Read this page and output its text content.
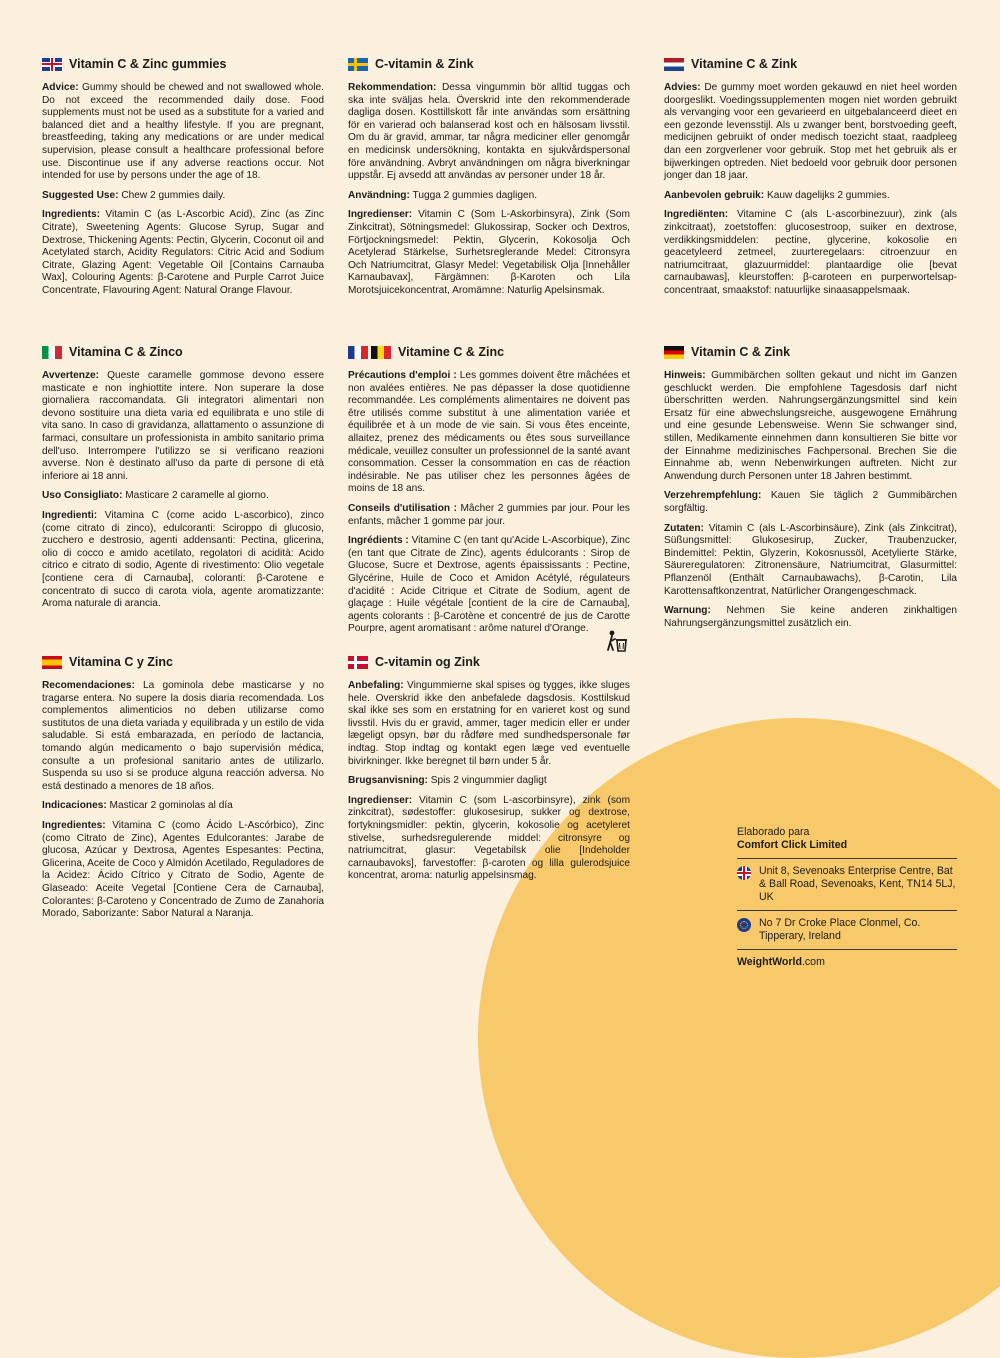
Vitamin C & Zinc gummies

Advice: Gummy should be chewed and not swallowed whole. Do not exceed the recommended daily dose. Food supplements must not be used as a substitute for a varied and balanced diet and a healthy lifestyle. If you are pregnant, breastfeeding, taking any medications or are under medical supervision, please consult a healthcare professional before use. Discontinue use if any adverse reactions occur. Not intended for use by persons under the age of 18.

Suggested Use: Chew 2 gummies daily.

Ingredients: Vitamin C (as L-Ascorbic Acid), Zinc (as Zinc Citrate), Sweetening Agents: Glucose Syrup, Sugar and Dextrose, Thickening Agents: Pectin, Glycerin, Coconut oil and Acetylated starch, Acidity Regulators: Citric Acid and Sodium Citrate, Glazing Agent: Vegetable Oil [Contains Carnauba Wax], Colouring Agents: β-Carotene and Purple Carrot Juice Concentrate, Flavouring Agent: Natural Orange Flavour.

C-vitamin & Zink

Rekommendation: Dessa vingummin bör alltid tuggas och ska inte sväljas hela. Överskrid inte den rekommenderade dagliga dosen. Kosttillskott får inte användas som ersättning för en varierad och balanserad kost och en hälsosam livsstil. Om du är gravid, ammar, tar några mediciner eller genomgår en medicinsk undersökning, kontakta en sjukvårdspersonal före användning. Avbryt användningen om några biverkningar uppstår. Ej avsedd att användas av personer under 18 år.

Användning: Tugga 2 gummies dagligen.

Ingredienser: Vitamin C (Som L-Askorbinsyra), Zink (Som Zinkcitrat), Sötningsmedel: Glukossirap, Socker och Dextros, Förtjockningsmedel: Pektin, Glycerin, Kokosolja Och Acetylerad Stärkelse, Surhetsreglerande Medel: Citronsyra Och Natriumcitrat, Glasyr Medel: Vegetabilisk Olja [Innehåller Karnaubavax], Färgämnen: β-Karoten och Lila Morotsjuicekoncentrat, Aromämne: Naturlig Apelsinsmak.

Vitamine C & Zink

Advies: De gummy moet worden gekauwd en niet heel worden doorgeslikt. Voedingssupplementen mogen niet worden gebruikt als vervanging voor een gevarieerd en uitgebalanceerd dieet en een gezonde levensstijl. Als u zwanger bent, borstvoeding geeft, medicijnen gebruikt of onder medisch toezicht staat, raadpleeg dan een zorgverlener voor gebruik. Stop met het gebruik als er bijwerkingen optreden. Niet bedoeld voor gebruik door personen jonger dan 18 jaar.

Aanbevolen gebruik: Kauw dagelijks 2 gummies.

Ingrediënten: Vitamine C (als L-ascorbinezuur), zink (als zinkcitraat), zoetstoffen: glucosestroop, suiker en dextrose, verdikkingsmiddelen: pectine, glycerine, kokosolie en geacetyleerd zetmeel, zuurteregelaars: citroenzuur en natriumcitraat, glazuurmiddel: plantaardige olie [bevat carnaubawas], kleurstoffen: β-caroteen en purperwortelsap-concentraat, smaakstof: natuurlijke sinaasappelsmaak.

Vitamina C & Zinco

Avvertenze: Queste caramelle gommose devono essere masticate e non inghiottite intere. Non superare la dose giornaliera raccomandata. Gli integratori alimentari non devono sostituire una dieta varia ed equilibrata e uno stile di vita sano. In caso di gravidanza, allattamento o assunzione di farmaci, consultare un professionista in ambito sanitario prima dell'uso. Interrompere l'utilizzo se si verificano reazioni avverse. Non è destinato all'uso da parte di persone di età inferiore ai 18 anni.

Uso Consigliato: Masticare 2 caramelle al giorno.

Ingredienti: Vitamina C (come acido L-ascorbico), zinco (come citrato di zinco), edulcoranti: Sciroppo di glucosio, zucchero e destrosio, agenti addensanti: Pectina, glicerina, olio di cocco e amido acetilato, regolatori di acidità: Acido citrico e citrato di sodio, Agente di rivestimento: Olio vegetale [contiene cera di Carnauba], coloranti: β-Carotene e concentrato di succo di carota viola, agente aromatizzante: Aroma naturale di arancia.

Vitamine C & Zinc

Précautions d'emploi : Les gommes doivent être mâchées et non avalées entières. Ne pas dépasser la dose quotidienne recommandée. Les compléments alimentaires ne doivent pas être utilisés comme substitut à une alimentation variée et équilibrée et à un mode de vie sain. Si vous êtes enceinte, allaitez, prenez des médicaments ou êtes sous surveillance médicale, veuillez consulter un professionnel de la santé avant consommation. Cesser la consommation en cas de réaction indésirable. Ne pas utiliser chez les personnes âgées de moins de 18 ans.

Conseils d'utilisation : Mâcher 2 gummies par jour. Pour les enfants, mâcher 1 gomme par jour.

Ingrédients : Vitamine C (en tant qu'Acide L-Ascorbique), Zinc (en tant que Citrate de Zinc), agents édulcorants : Sirop de Glucose, Sucre et Dextrose, agents épaississants : Pectine, Glycérine, Huile de Coco et Amidon Acétylé, régulateurs d'acidité : Acide Citrique et Citrate de Sodium, agent de glaçage : Huile végétale [contient de la cire de Carnauba], agents colorants : β-Carotène et concentré de jus de Carotte Pourpre, agent aromatisant : arôme naturel d'Orange.

Vitamin C & Zink

Hinweis: Gummibärchen sollten gekaut und nicht im Ganzen geschluckt werden. Die empfohlene Tagesdosis darf nicht überschritten werden. Nahrungsergänzungsmittel sind kein Ersatz für eine abwechslungsreiche, ausgewogene Ernährung und eine gesunde Lebensweise. Wenn Sie schwanger sind, stillen, Medikamente einnehmen dann konsultieren Sie bitte vor der Einnahme medizinisches Fachpersonal. Brechen Sie die Einnahme ab, wenn Nebenwirkungen auftreten. Nicht zur Anwendung durch Personen unter 18 Jahren bestimmt.

Verzehrempfehlung: Kauen Sie täglich 2 Gummibärchen sorgfältig.

Zutaten: Vitamin C (als L-Ascorbinsäure), Zink (als Zinkcitrat), Süßungsmittel: Glukosesirup, Zucker, Traubenzucker, Bindemittel: Pektin, Glyzerin, Kokosnussöl, Acetylierte Stärke, Säureregulatoren: Zitronensäure, Natriumcitrat, Glasurmittel: Pflanzenöl (Enthält Carnaubawachs), β-Carotin, Lila Karottensaftkonzentrat, Natürlicher Orangengeschmack.

Warnung: Nehmen Sie keine anderen zinkhaltigen Nahrungsergänzungsmittel zusätzlich ein.

Vitamina C y Zinc

Recomendaciones: La gominola debe masticarse y no tragarse entera. No supere la dosis diaria recomendada. Los complementos alimenticios no deben utilizarse como sustitutos de una dieta variada y equilibrada y un estilo de vida saludable. Si está embarazada, en período de lactancia, tomando algún medicamento o bajo supervisión médica, consulte a un profesional sanitario antes de utilizarlo. Suspenda su uso si se produce alguna reacción adversa. No está destinado a menores de 18 años.

Indicaciones: Masticar 2 gominolas al día

Ingredientes: Vitamina C (como Ácido L-Ascórbico), Zinc (como Citrato de Zinc), Agentes Edulcorantes: Jarabe de glucosa, Azúcar y Dextrosa, Agentes Espesantes: Pectina, Glicerina, Aceite de Coco y Almidón Acetilado, Reguladores de la Acidez: Ácido Cítrico y Citrato de Sodio, Agente de Glaseado: Aceite Vegetal [Contiene Cera de Carnauba], Colorantes: β-Caroteno y Concentrado de Zumo de Zanahoria Morado, Saborizante: Sabor Natural a Naranja.

C-vitamin og Zink

Anbefaling: Vingummierne skal spises og tygges, ikke sluges hele. Overskrid ikke den anbefalede dagsdosis. Kosttilskud skal ikke ses som en erstatning for en varieret kost og sund livsstil. Hvis du er gravid, ammer, tager medicin eller er under lægeligt opsyn, bør du rådføre med sundhedspersonale før indtag. Stop indtag og kontakt egen læge ved eventuelle bivirkninger. Ikke beregnet til børn under 5 år.

Brugsanvisning: Spis 2 vingummier dagligt

Ingredienser: Vitamin C (som L-ascorbinsyre), zink (som zinkcitrat), sødestoffer: glukosesirup, sukker og dextrose, fortykningsmidler: pektin, glycerin, kokosolie og acetyleret stivelse, surhedsregulerende middel: citronsyre og natriumcitrat, glasur: Vegetabilsk olie [Indeholder carnaubavoks], farvestoffer: β-caroten og lilla gulerodsjuice koncentrat, aroma: naturlig appelsinsmag.

Elaborado para
Comfort Click Limited
Unit 8, Sevenoaks Enterprise Centre, Bat & Ball Road, Sevenoaks, Kent, TN14 5LJ, UK
No 7 Dr Croke Place Clonmel, Co. Tipperary, Ireland
WeightWorld.com
